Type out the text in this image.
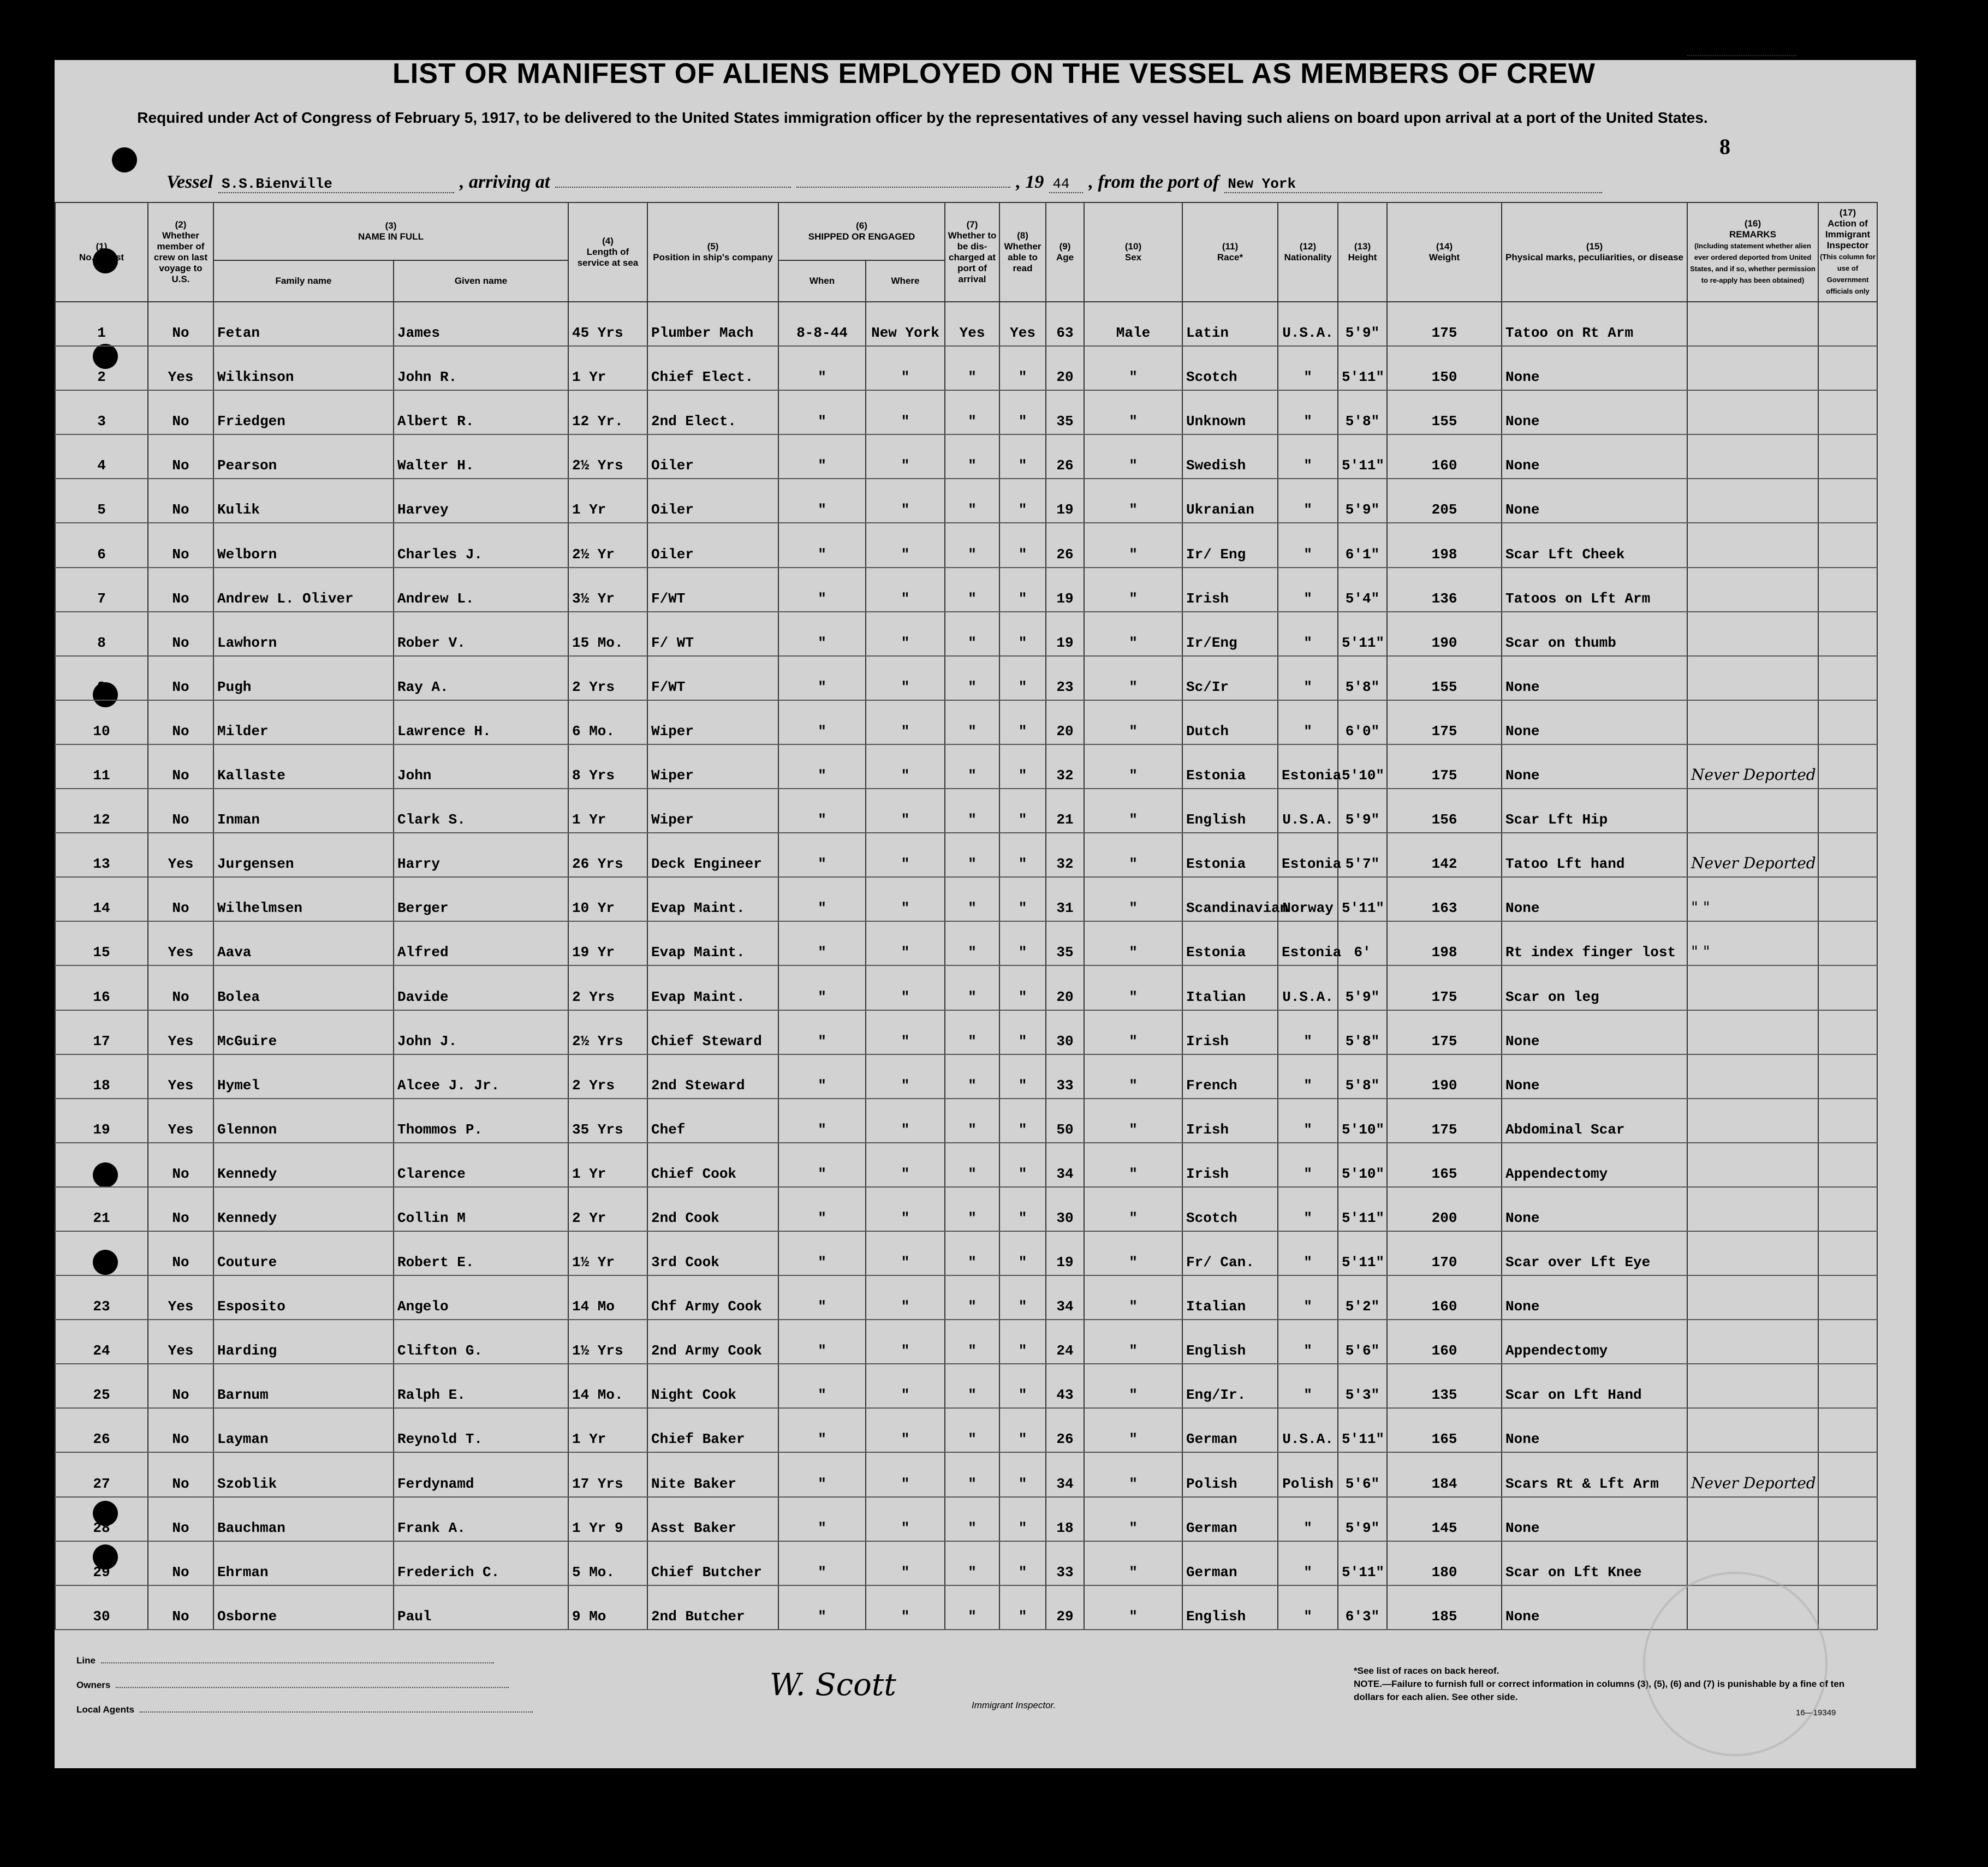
Form I-480 (OLD FORM 680)
U. S. DEPARTMENT OF JUSTICE
IMMIGRATION AND NATURALIZATION SERVICE
Form 136—Printed in U.S.A. and Sold by Uns & Co., New York U 7318
Sheet No.
LIST OR MANIFEST OF ALIENS EMPLOYED ON THE VESSEL AS MEMBERS OF CREW
Required under Act of Congress of February 5, 1917, to be delivered to the United States immigration officer by the representatives of any vessel having such aliens on board upon arrival at a port of the United States.
8
Vessel S.S.Bienville	, arriving at	, 19 44	, from the port of New York
(1)
No. on list	(2)
Whether member of crew on last voyage to U.S.	(3)
NAME IN FULL		(4)
Length of service at sea	(5)
Position in ship's company	(6)
SHIPPED OR ENGAGED		(7)
Whether to be dis-charged at port of arrival	(8)
Whether able to read	(9)
Age	(10)
Sex	(11)
Race*	(12)
Nationality	(13)
Height	(14)
Weight	(15)
Physical marks, peculiarities, or disease	(16)
REMARKS
(Including statement whether alien ever ordered deported from United States, and if so, whether permission to re-apply has been obtained)	(17)
Action of Immigrant Inspector
(This column for use of Government officials only
		Family name	Given name			When	Where											
1	No	Fetan	James	45 Yrs	Plumber Mach	8-8-44	New York	Yes	Yes	63	Male	Latin	U.S.A.	5'9"	175	Tatoo on Rt Arm		
2	Yes	Wilkinson	John R.	1 Yr	Chief Elect.	"	"	"	"	20	"	Scotch	"	5'11"	150	None		
3	No	Friedgen	Albert R.	12 Yr.	2nd Elect.	"	"	"	"	35	"	Unknown	"	5'8"	155	None		
4	No	Pearson	Walter H.	2½ Yrs	Oiler	"	"	"	"	26	"	Swedish	"	5'11"	160	None		
5	No	Kulik	Harvey	1 Yr	Oiler	"	"	"	"	19	"	Ukranian	"	5'9"	205	None		
6	No	Welborn	Charles J.	2½ Yr	Oiler	"	"	"	"	26	"	Ir/ Eng	"	6'1"	198	Scar Lft Cheek		
7	No	Andrew L. Oliver	Andrew L.	3½ Yr	F/WT	"	"	"	"	19	"	Irish	"	5'4"	136	Tatoos on Lft Arm		
8	No	Lawhorn	Rober V.	15 Mo.	F/ WT	"	"	"	"	19	"	Ir/Eng	"	5'11"	190	Scar on thumb		
9	No	Pugh	Ray A.	2 Yrs	F/WT	"	"	"	"	23	"	Sc/Ir	"	5'8"	155	None		
10	No	Milder	Lawrence H.	6 Mo.	Wiper	"	"	"	"	20	"	Dutch	"	6'0"	175	None		
11	No	Kallaste	John	8 Yrs	Wiper	"	"	"	"	32	"	Estonia	Estonia	5'10"	175	None	Never Deported	
12	No	Inman	Clark S.	1 Yr	Wiper	"	"	"	"	21	"	English	U.S.A.	5'9"	156	Scar Lft Hip		
13	Yes	Jurgensen	Harry	26 Yrs	Deck Engineer	"	"	"	"	32	"	Estonia	Estonia	5'7"	142	Tatoo Lft hand	Never Deported	
14	No	Wilhelmsen	Berger	10 Yr	Evap Maint.	"	"	"	"	31	"	Scandinavian	Norway	5'11"	163	None	" "	
15	Yes	Aava	Alfred	19 Yr	Evap Maint.	"	"	"	"	35	"	Estonia	Estonia	6'	198	Rt index finger lost	" "	
16	No	Bolea	Davide	2 Yrs	Evap Maint.	"	"	"	"	20	"	Italian	U.S.A.	5'9"	175	Scar on leg		
17	Yes	McGuire	John J.	2½ Yrs	Chief Steward	"	"	"	"	30	"	Irish	"	5'8"	175	None		
18	Yes	Hymel	Alcee J. Jr.	2 Yrs	2nd Steward	"	"	"	"	33	"	French	"	5'8"	190	None		
19	Yes	Glennon	Thommos P.	35 Yrs	Chef	"	"	"	"	50	"	Irish	"	5'10"	175	Abdominal Scar		
20	No	Kennedy	Clarence	1 Yr	Chief Cook	"	"	"	"	34	"	Irish	"	5'10"	165	Appendectomy		
21	No	Kennedy	Collin M	2 Yr	2nd Cook	"	"	"	"	30	"	Scotch	"	5'11"	200	None		
22	No	Couture	Robert E.	1½ Yr	3rd Cook	"	"	"	"	19	"	Fr/ Can.	"	5'11"	170	Scar over Lft Eye		
23	Yes	Esposito	Angelo	14 Mo	Chf Army Cook	"	"	"	"	34	"	Italian	"	5'2"	160	None		
24	Yes	Harding	Clifton G.	1½ Yrs	2nd Army Cook	"	"	"	"	24	"	English	"	5'6"	160	Appendectomy		
25	No	Barnum	Ralph E.	14 Mo.	Night Cook	"	"	"	"	43	"	Eng/Ir.	"	5'3"	135	Scar on Lft Hand		
26	No	Layman	Reynold T.	1 Yr	Chief Baker	"	"	"	"	26	"	German	U.S.A.	5'11"	165	None		
27	No	Szoblik	Ferdynamd	17 Yrs	Nite Baker	"	"	"	"	34	"	Polish	Polish	5'6"	184	Scars Rt & Lft Arm	Never Deported	
28	No	Bauchman	Frank A.	1 Yr 9	Asst Baker	"	"	"	"	18	"	German	"	5'9"	145	None		
29	No	Ehrman	Frederich C.	5 Mo.	Chief Butcher	"	"	"	"	33	"	German	"	5'11"	180	Scar on Lft Knee		
30	No	Osborne	Paul	9 Mo	2nd Butcher	"	"	"	"	29	"	English	"	6'3"	185	None		
Line
Owners
Local Agents
W. Scott
Immigrant Inspector.
*See list of races on back hereof.
NOTE.—Failure to furnish full or correct information in columns (3), (5), (6) and (7) is punishable by a fine of ten dollars for each alien. See other side.
16—19349
